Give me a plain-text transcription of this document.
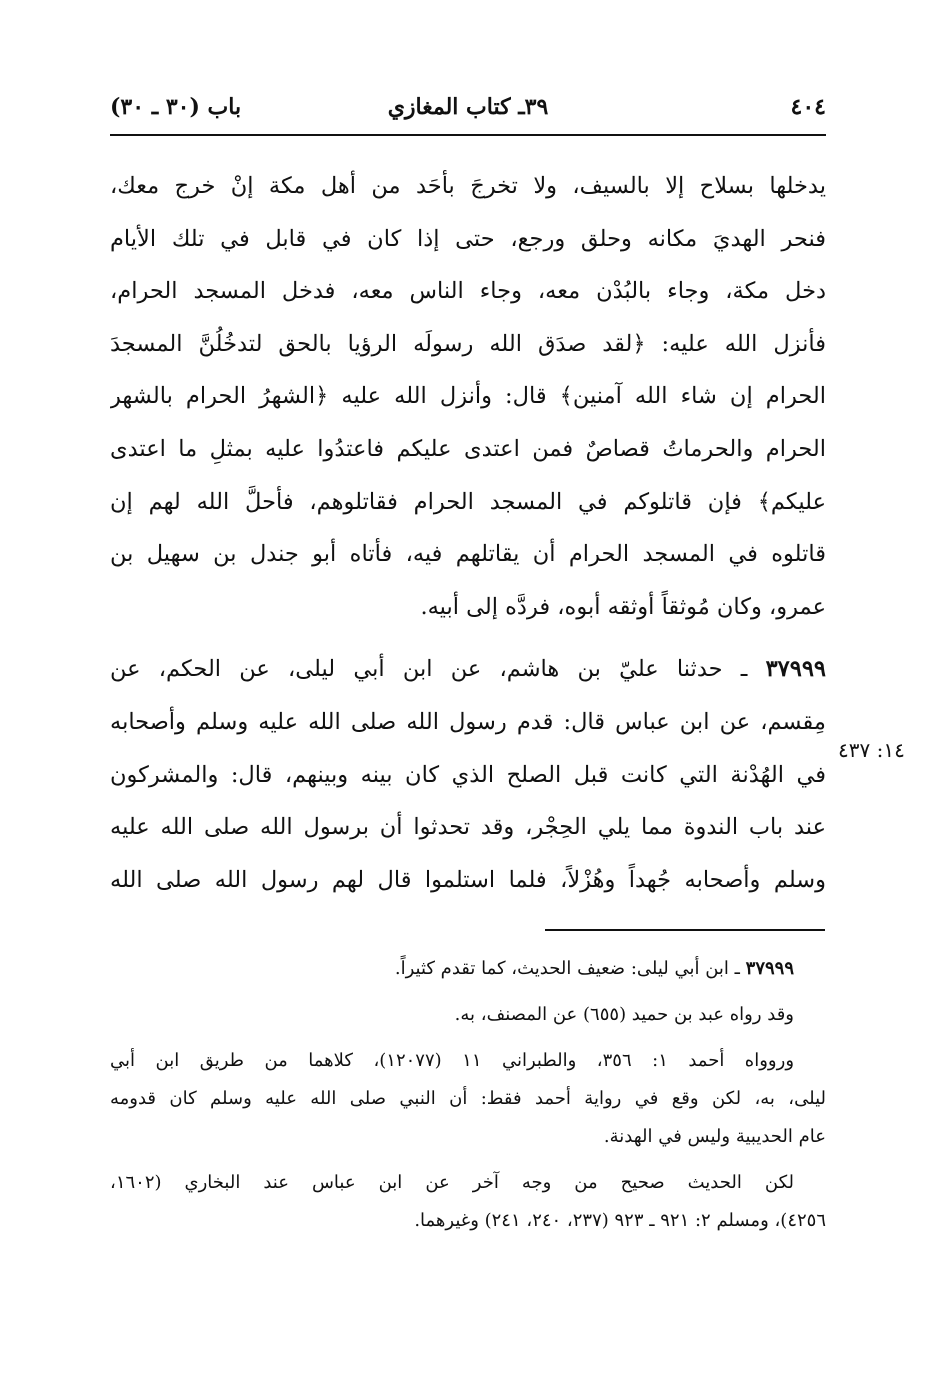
٤٠٤
٣٩ـ كتاب المغازي
باب (٣٠ ـ ٣٠)
يدخلها بسلاح إلا بالسيف، ولا تخرجَ بأحَد من أهل مكة إنْ خرج معك،
فنحر الهديَ مكانه وحلق ورجع، حتى إذا كان في قابل في تلك الأيام
دخل مكة، وجاء بالبُدْن معه، وجاء الناس معه، فدخل المسجد الحرام،
فأنزل الله عليه: ﴿لقد صدَق الله رسولَه الرؤيا بالحق لتدخُلُنَّ المسجدَ
الحرام إن شاء الله آمنين﴾ قال: وأنزل الله عليه ﴿الشهرُ الحرام بالشهر
الحرام والحرماتُ قصاصٌ فمن اعتدى عليكم فاعتدُوا عليه بمثلِ ما اعتدى
عليكم﴾ فإن قاتلوكم في المسجد الحرام فقاتلوهم، فأحلَّ الله لهم إن
قاتلوه في المسجد الحرام أن يقاتلهم فيه، فأتاه أبو جندل بن سهيل بن
عمرو، وكان مُوثقاً أوثقه أبوه، فردَّه إلى أبيه.
٣٧٩٩٩ ـ حدثنا عليّ بن هاشم، عن ابن أبي ليلى، عن الحكم، عن
مِقسم، عن ابن عباس قال: قدم رسول الله صلى الله عليه وسلم وأصحابه
في الهُدْنة التي كانت قبل الصلح الذي كان بينه وبينهم، قال: والمشركون
عند باب الندوة مما يلي الحِجْر، وقد تحدثوا أن برسول الله صلى الله عليه
وسلم وأصحابه جُهداً وهُزْلاً، فلما استلموا قال لهم رسول الله صلى الله
١٤: ٤٣٧
٣٧٩٩٩ ـ ابن أبي ليلى: ضعيف الحديث، كما تقدم كثيراً.
وقد رواه عبد بن حميد (٦٥٥) عن المصنف، به.
وروواه أحمد ١: ٣٥٦، والطبراني ١١ (١٢٠٧٧)، كلاهما من طريق ابن أبي
ليلى، به، لكن وقع في رواية أحمد فقط: أن النبي صلى الله عليه وسلم كان قدومه
عام الحديبية وليس في الهدنة.
لكن الحديث صحيح من وجه آخر عن ابن عباس عند البخاري (١٦٠٢،
٤٢٥٦)، ومسلم ٢: ٩٢١ ـ ٩٢٣ (٢٣٧، ٢٤٠، ٢٤١) وغيرهما.
